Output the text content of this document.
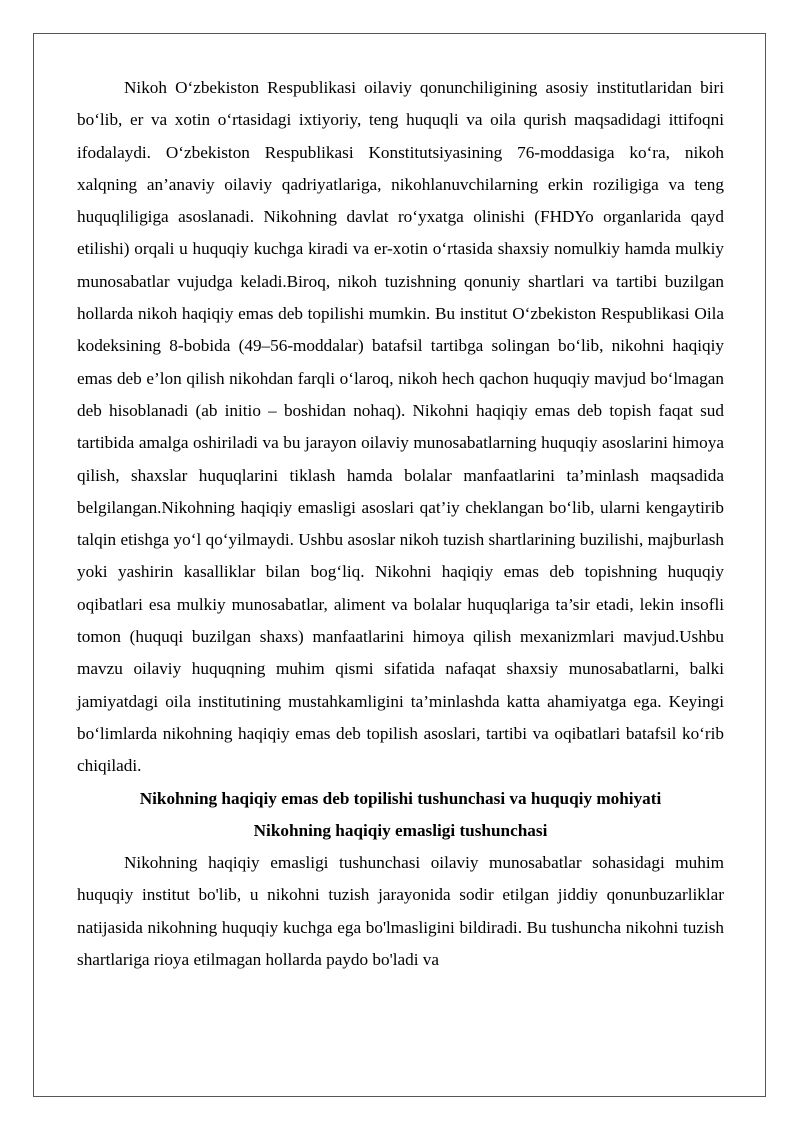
Nikoh O‘zbekiston Respublikasi oilaviy qonunchiligining asosiy institutlaridan biri bo‘lib, er va xotin o‘rtasidagi ixtiyoriy, teng huquqli va oila qurish maqsadidagi ittifoqni ifodalaydi. O‘zbekiston Respublikasi Konstitutsiyasining 76-moddasiga ko‘ra, nikoh xalqning an’anaviy oilaviy qadriyatlariga, nikohlanuvchilarning erkin roziligiga va teng huquqliligiga asoslanadi. Nikohning davlat ro‘yxatga olinishi (FHDYo organlarida qayd etilishi) orqali u huquqiy kuchga kiradi va er-xotin o‘rtasida shaxsiy nomulkiy hamda mulkiy munosabatlar vujudga keladi.Biroq, nikoh tuzishning qonuniy shartlari va tartibi buzilgan hollarda nikoh haqiqiy emas deb topilishi mumkin. Bu institut O‘zbekiston Respublikasi Oila kodeksining 8-bobida (49–56-moddalar) batafsil tartibga solingan bo‘lib, nikohni haqiqiy emas deb e’lon qilish nikohdan farqli o‘laroq, nikoh hech qachon huquqiy mavjud bo‘lmagan deb hisoblanadi (ab initio – boshidan nohaq). Nikohni haqiqiy emas deb topish faqat sud tartibida amalga oshiriladi va bu jarayon oilaviy munosabatlarning huquqiy asoslarini himoya qilish, shaxslar huquqlarini tiklash hamda bolalar manfaatlarini ta’minlash maqsadida belgilangan.Nikohning haqiqiy emasligi asoslari qat’iy cheklangan bo‘lib, ularni kengaytirib talqin etishga yo‘l qo‘yilmaydi. Ushbu asoslar nikoh tuzish shartlarining buzilishi, majburlash yoki yashirin kasalliklar bilan bog‘liq. Nikohni haqiqiy emas deb topishning huquqiy oqibatlari esa mulkiy munosabatlar, aliment va bolalar huquqlariga ta’sir etadi, lekin insofli tomon (huquqi buzilgan shaxs) manfaatlarini himoya qilish mexanizmlari mavjud.Ushbu mavzu oilaviy huquqning muhim qismi sifatida nafaqat shaxsiy munosabatlarni, balki jamiyatdagi oila institutining mustahkamligini ta’minlashda katta ahamiyatga ega. Keyingi bo‘limlarda nikohning haqiqiy emas deb topilish asoslari, tartibi va oqibatlari batafsil ko‘rib chiqiladi.

Nikohning haqiqiy emas deb topilishi tushunchasi va huquqiy mohiyati

Nikohning haqiqiy emasligi tushunchasi

Nikohning haqiqiy emasligi tushunchasi oilaviy munosabatlar sohasidagi muhim huquqiy institut bo'lib, u nikohni tuzish jarayonida sodir etilgan jiddiy qonunbuzarliklar natijasida nikohning huquqiy kuchga ega bo'lmasligini bildiradi. Bu tushuncha nikohni tuzish shartlariga rioya etilmagan hollarda paydo bo'ladi va
